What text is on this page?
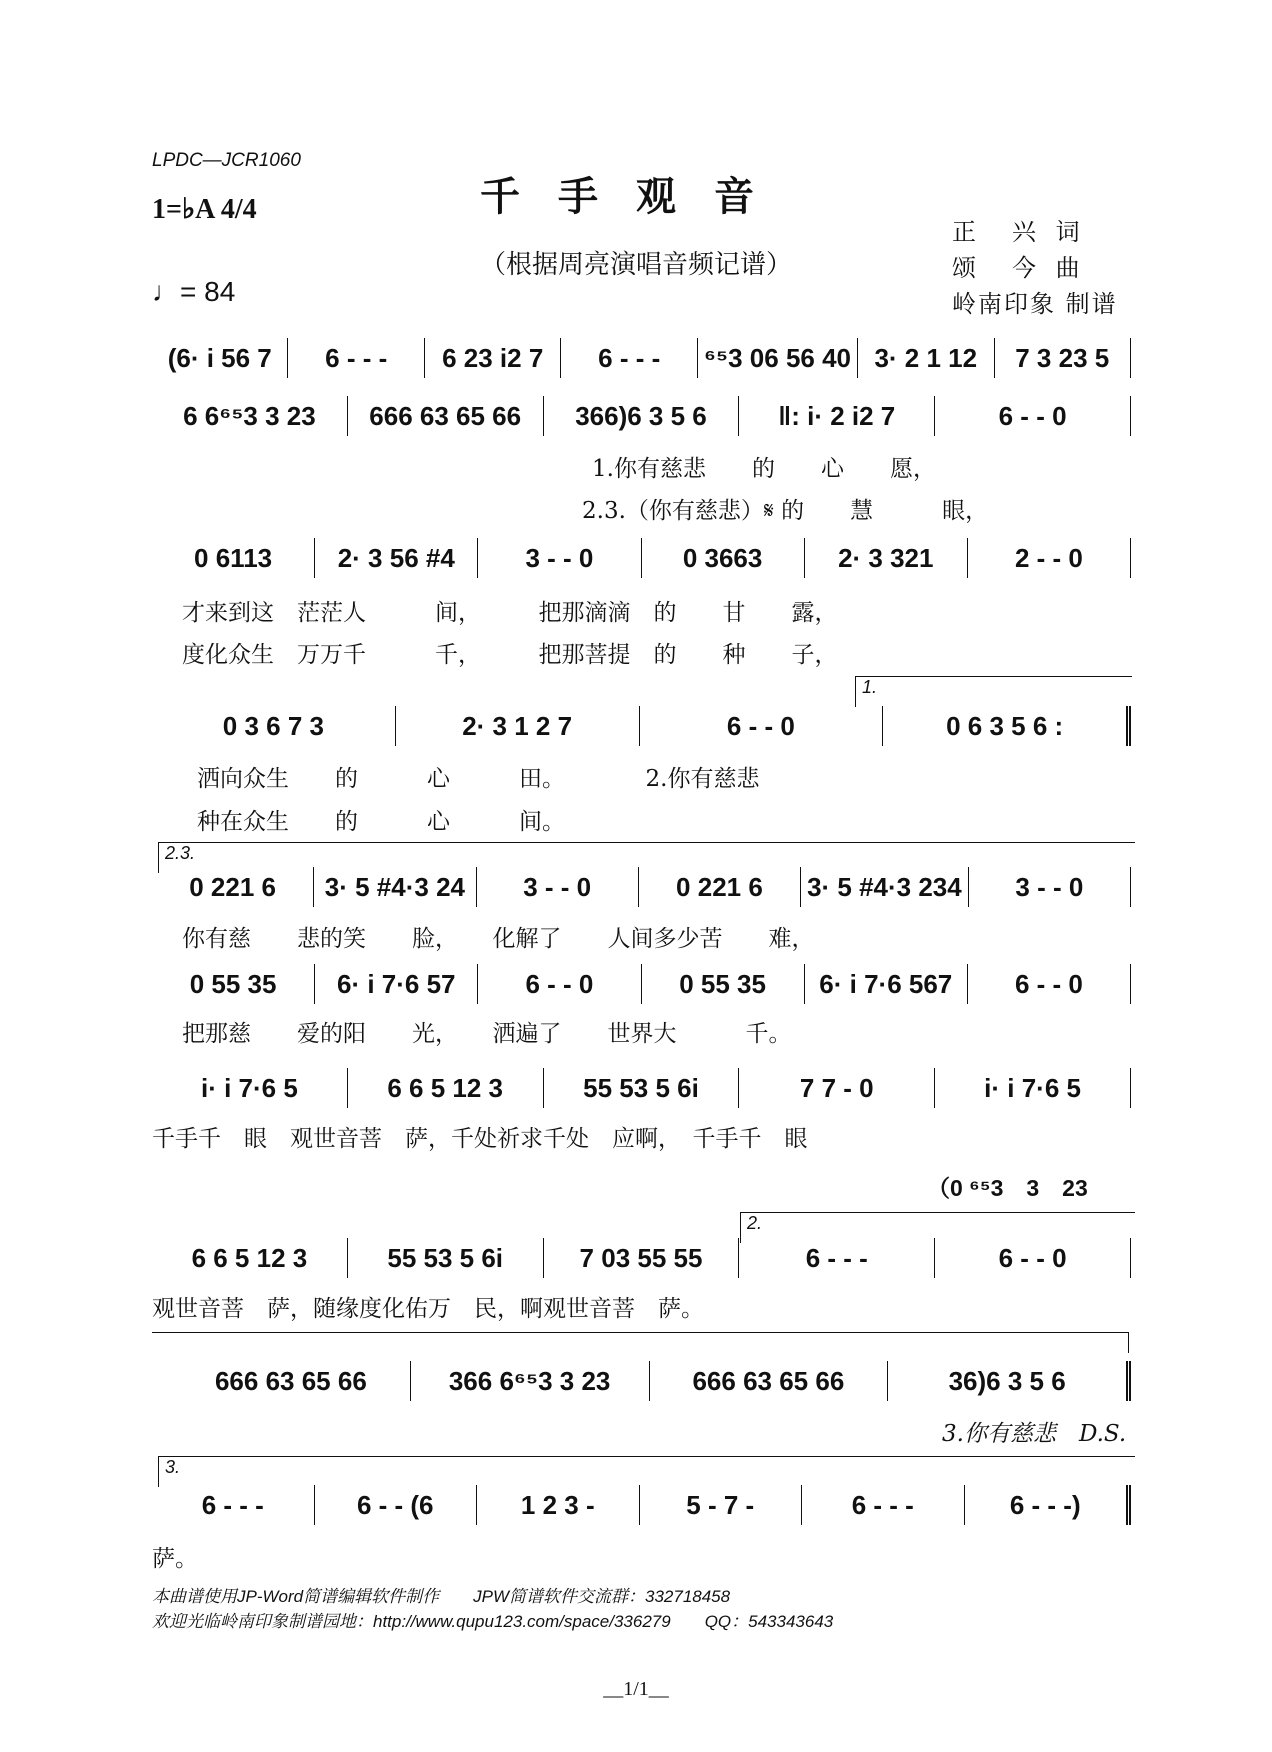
LPDC—JCR1060
千手观音
1=♭A 4/4
（根据周亮演唱音频记谱）
♩= 84
正　兴 词
颂　今 曲
岭南印象 制谱
(6· i 56 7	6 - - -	6 23 i2 7	6 - - -	⁶⁵3 06 56 40 3· 2 1 12	7 3 23 5
6 6⁶⁵3 3 23	666 63 65 66	366)6 3 5 6	‖: i· 2 i2 7	6 - - 0
0 6113	2· 3 56 #4	3 - - 0	0 3663	2· 3 321	2 - - 0
0 3 6 7 3	2· 3 1 2 7	6 - - 0	0 6 3 5 6 :
0 221 6	3· 5 #4·3 24	3 - - 0	0 221 6	3· 5 #4·3 234	3 - - 0
0 55 35	6· i 7·6 57	6 - - 0	0 55 35	6· i 7·6 567	6 - - 0
i· i 7·6 5	6 6 5 12 3	55 53 5 6i	7 7 - 0	i· i 7·6 5
6 6 5 12 3	55 53 5 6i	7 03 55 55	6 - - -	6 - - 0
666 63 65 66	366 6⁶⁵3 3 23	666 63 65 66	36)6 3 5 6
6 - - -	6 - - (6	1 2 3 -	5 - 7 -	6 - - -	6 - - -)
1.你有慈悲　　的　　心　　愿，
2.3.（你有慈悲）𝄋 的　　慧　　　眼，
才来到这　茫茫人　　　间，　　　把那滴滴　的　　甘　　露，
度化众生　万万千　　　千，　　　把那菩提　的　　种　　子，
1.
洒向众生　　的　　　心　　　田。　　　　2.你有慈悲
种在众生　　的　　　心　　　间。
2.3.
你有慈　　悲的笑　　脸，　　化解了　　人间多少苦　　难，
把那慈　　爱的阳　　光，　　洒遍了　　世界大　　　千。
千手千　眼　观世音菩　萨，千处祈求千处　应啊，　千手千　眼
（0 ⁶⁵3　3　23
2.
观世音菩　萨，随缘度化佑万　民，啊观世音菩　萨。
3.你有慈悲　D.S.
3.
萨。
本曲谱使用JP-Word简谱编辑软件制作　　JPW简谱软件交流群：332718458
欢迎光临岭南印象制谱园地：http://www.qupu123.com/space/336279　　QQ：543343643
__1/1__
